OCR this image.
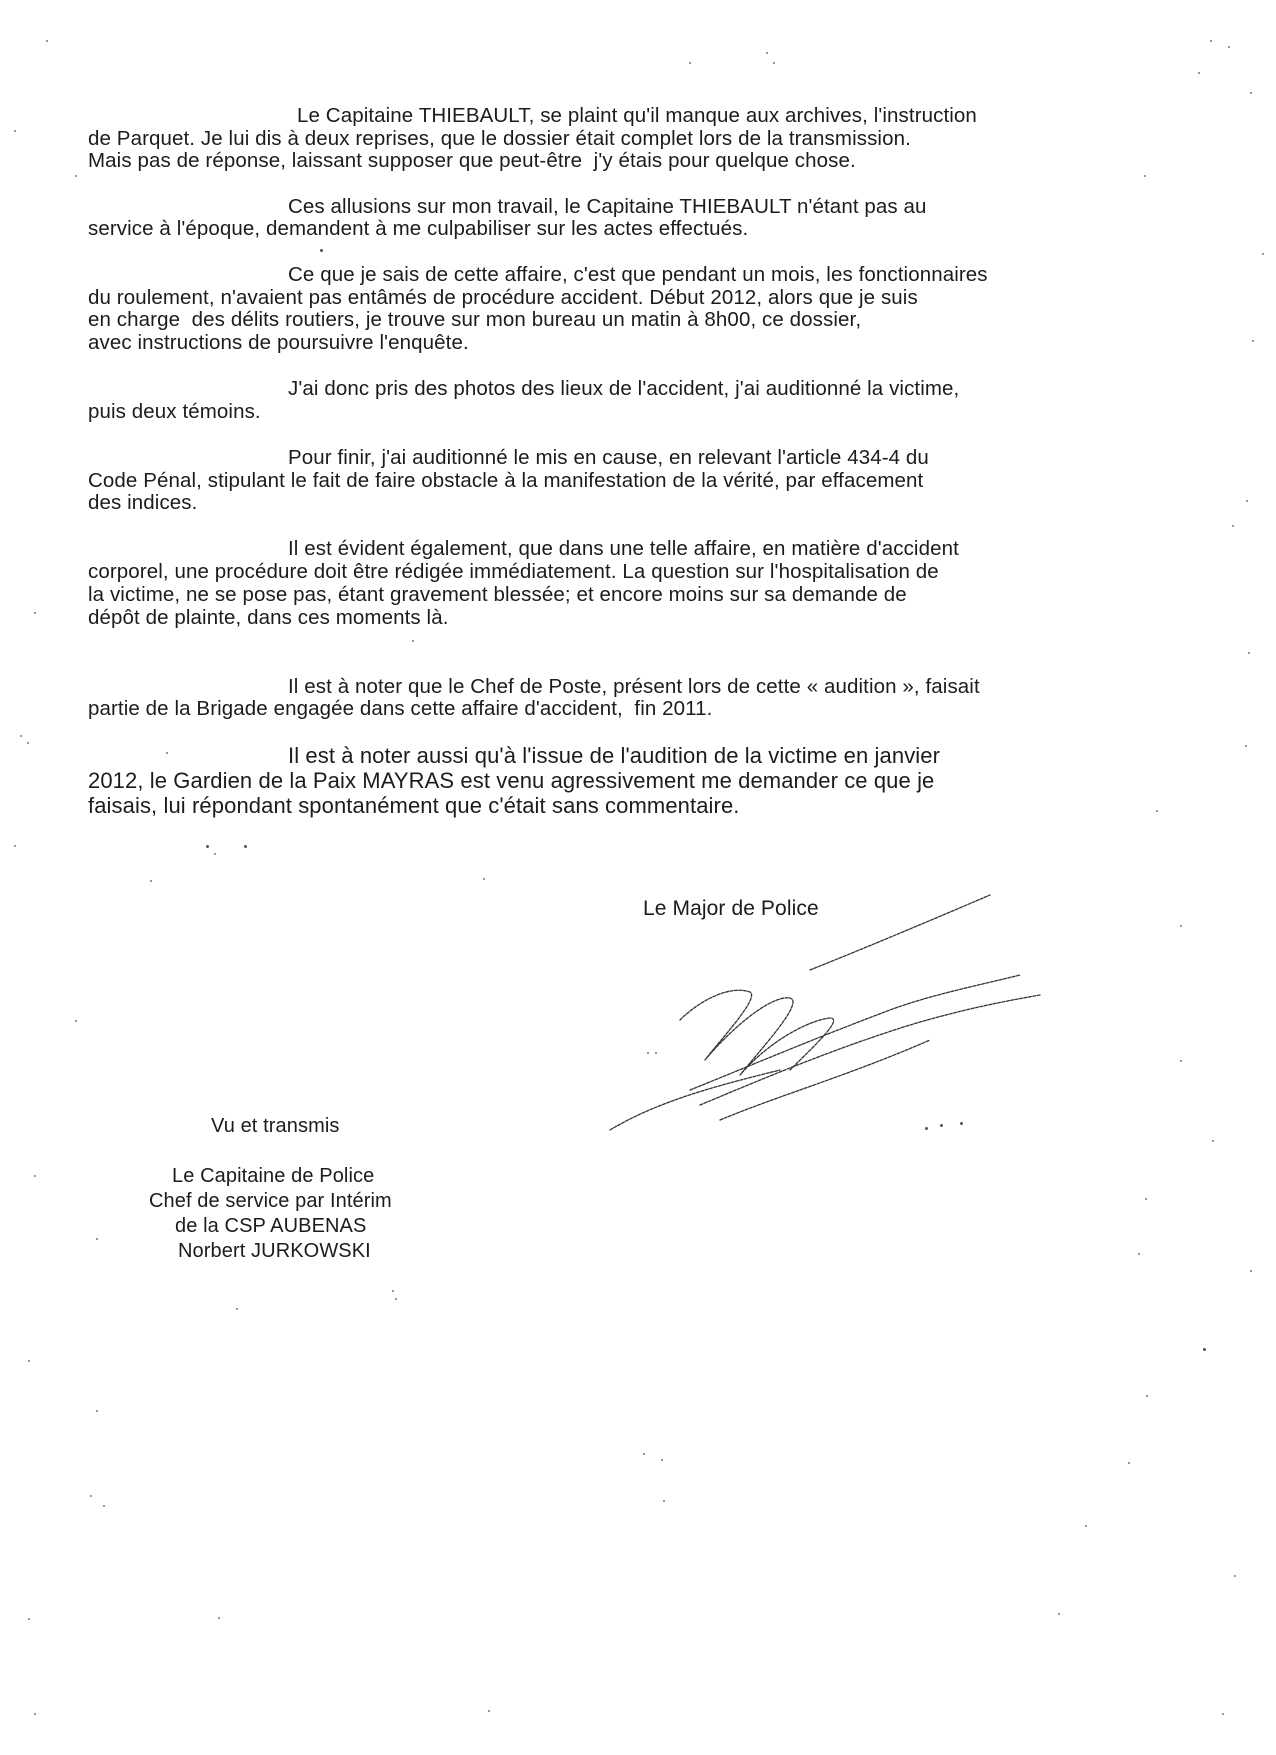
Le Capitaine THIEBAULT, se plaint qu'il manque aux archives, l'instruction
de Parquet. Je lui dis à deux reprises, que le dossier était complet lors de la transmission.
Mais pas de réponse, laissant supposer que peut-être  j'y étais pour quelque chose.
Ces allusions sur mon travail, le Capitaine THIEBAULT n'étant pas au
service à l'époque, demandent à me culpabiliser sur les actes effectués.
Ce que je sais de cette affaire, c'est que pendant un mois, les fonctionnaires
du roulement, n'avaient pas entâmés de procédure accident. Début 2012, alors que je suis
en charge  des délits routiers, je trouve sur mon bureau un matin à 8h00, ce dossier,
avec instructions de poursuivre l'enquête.
J'ai donc pris des photos des lieux de l'accident, j'ai auditionné la victime,
puis deux témoins.
Pour finir, j'ai auditionné le mis en cause, en relevant l'article 434-4 du
Code Pénal, stipulant le fait de faire obstacle à la manifestation de la vérité, par effacement
des indices.
Il est évident également, que dans une telle affaire, en matière d'accident
corporel, une procédure doit être rédigée immédiatement. La question sur l'hospitalisation de
la victime, ne se pose pas, étant gravement blessée; et encore moins sur sa demande de
dépôt de plainte, dans ces moments là.
Il est à noter que le Chef de Poste, présent lors de cette « audition », faisait
partie de la Brigade engagée dans cette affaire d'accident,  fin 2011.
Il est à noter aussi qu'à l'issue de l'audition de la victime en janvier
2012, le Gardien de la Paix MAYRAS est venu agressivement me demander ce que je
faisais, lui répondant spontanément que c'était sans commentaire.
Le Major de Police
Vu et transmis
Le Capitaine de Police
Chef de service par Intérim
de la CSP AUBENAS
Norbert JURKOWSKI
